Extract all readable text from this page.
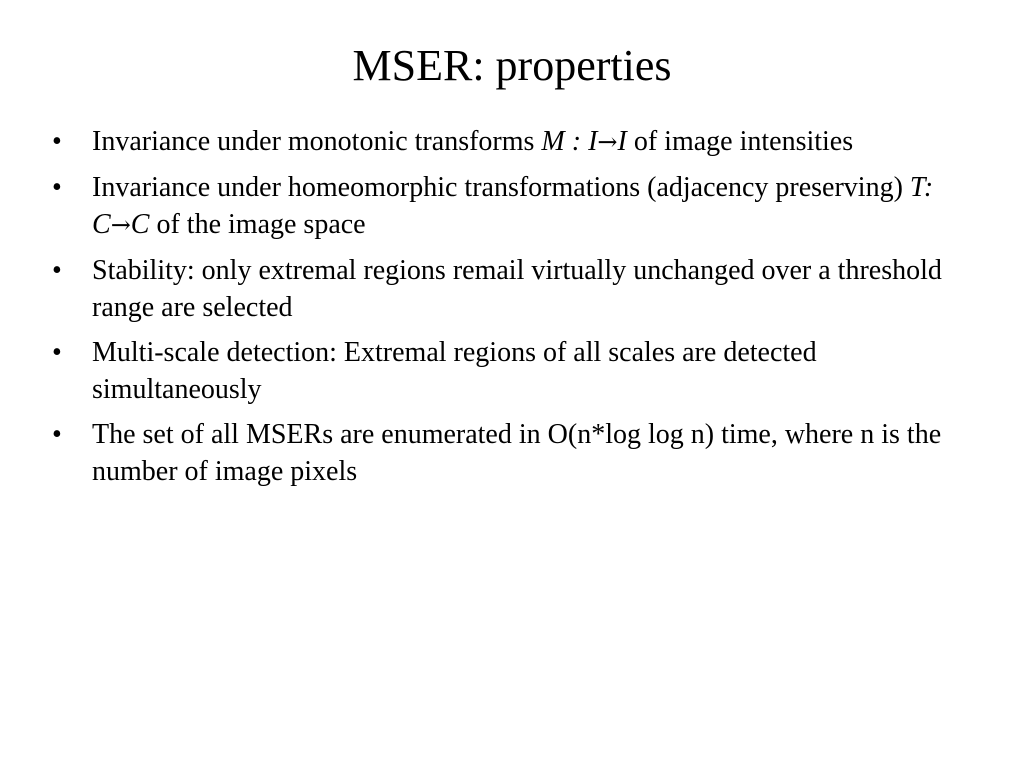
MSER: properties
•	Invariance under monotonic transforms M : I→I of image intensities
•	Invariance under homeomorphic transformations (adjacency preserving) T: C→C of the image space
•	Stability: only extremal regions remail virtually unchanged over a threshold range are selected
•	Multi-scale detection: Extremal regions of all scales are detected simultaneously
•	The set of all MSERs are enumerated in O(n*log log n) time, where n is the number of image pixels
